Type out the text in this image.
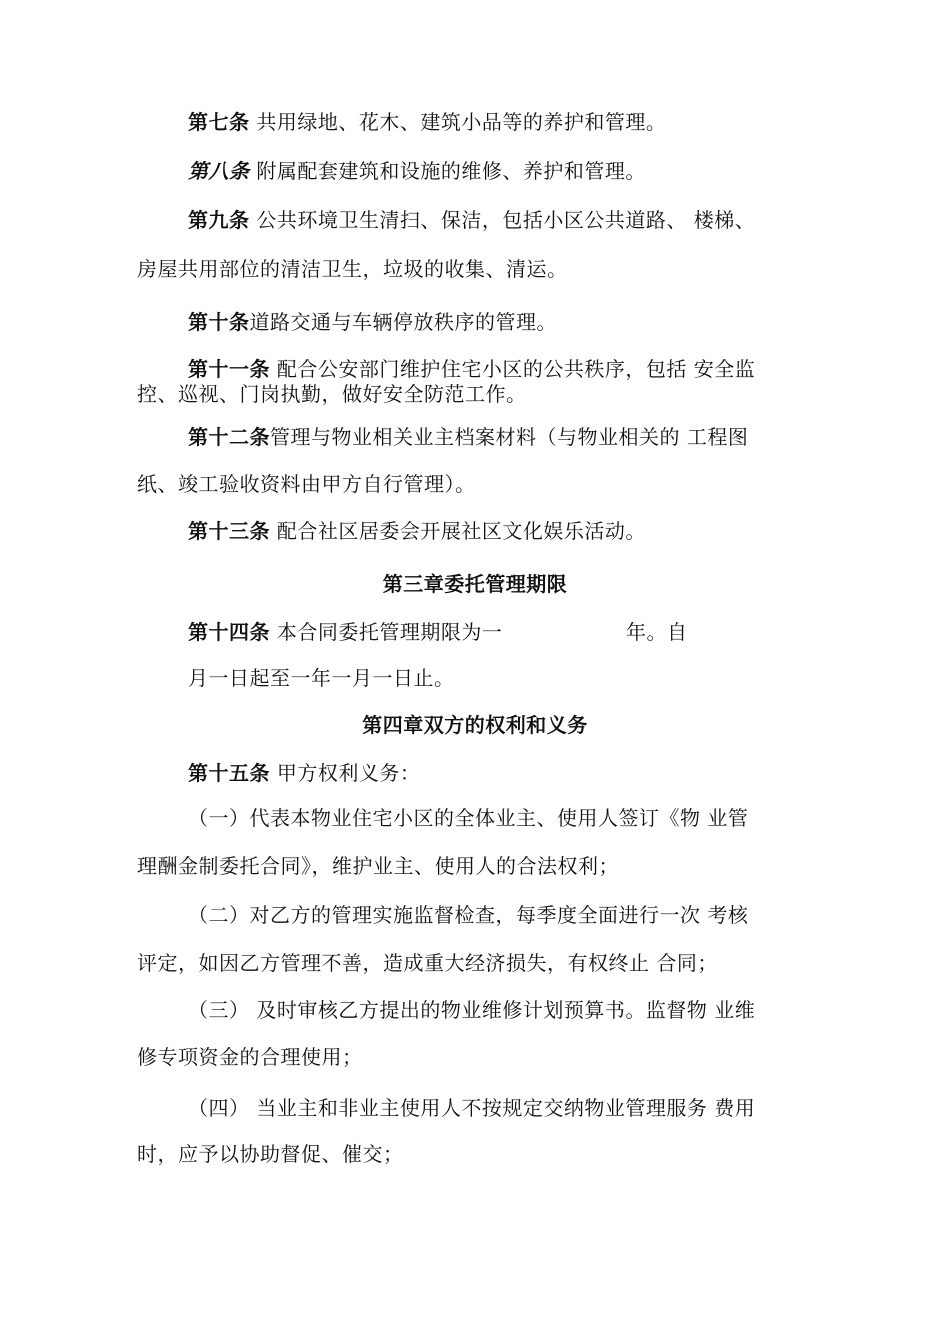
第七条 共用绿地、花木、建筑小品等的养护和管理。
第八条 附属配套建筑和设施的维修、养护和管理。
第九条 公共环境卫生清扫、保洁，包括小区公共道路、 楼梯、
房屋共用部位的清洁卫生，垃圾的收集、清运。
第十条道路交通与车辆停放秩序的管理。
第十一条 配合公安部门维护住宅小区的公共秩序，包括 安全监
控、巡视、门岗执勤，做好安全防范工作。
第十二条管理与物业相关业主档案材料（与物业相关的 工程图
纸、竣工验收资料由甲方自行管理）。
第十三条 配合社区居委会开展社区文化娱乐活动。
第三章委托管理期限
第十四条 本合同委托管理期限为一	年。自
月一日起至一年一月一日止。
第四章双方的权利和义务
第十五条 甲方权利义务：
（一）代表本物业住宅小区的全体业主、使用人签订《物 业管
理酬金制委托合同》，维护业主、使用人的合法权利；
（二）对乙方的管理实施监督检查，每季度全面进行一次 考核
评定，如因乙方管理不善，造成重大经济损失，有权终止 合同；
（三） 及时审核乙方提出的物业维修计划预算书。监督物 业维
修专项资金的合理使用；
（四） 当业主和非业主使用人不按规定交纳物业管理服务 费用
时，应予以协助督促、催交；
